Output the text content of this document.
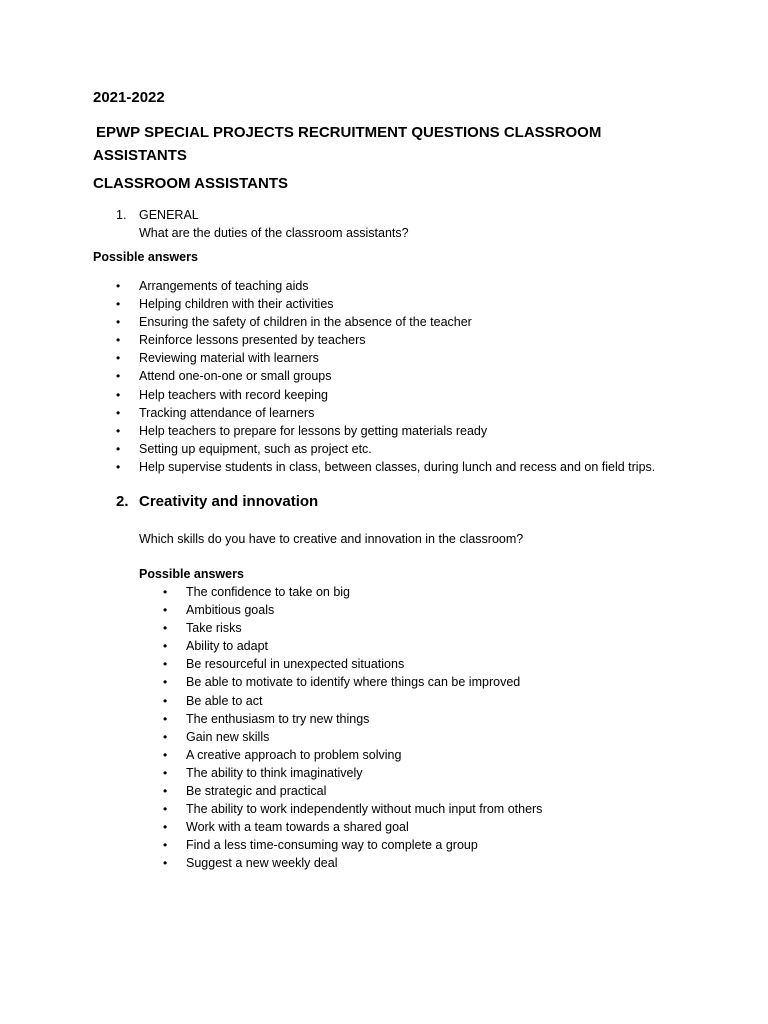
2021-2022
EPWP SPECIAL PROJECTS RECRUITMENT QUESTIONS CLASSROOM
ASSISTANTS
CLASSROOM ASSISTANTS
1. GENERAL
What are the duties of the classroom assistants?
Possible answers
• Arrangements of teaching aids
• Helping children with their activities
• Ensuring the safety of children in the absence of the teacher
• Reinforce lessons presented by teachers
• Reviewing material with learners
• Attend one-on-one or small groups
• Help teachers with record keeping
• Tracking attendance of learners
• Help teachers to prepare for lessons by getting materials ready
• Setting up equipment, such as project etc.
• Help supervise students in class, between classes, during lunch and recess and on field trips.
2. Creativity and innovation
Which skills do you have to creative and innovation in the classroom?
Possible answers
• The confidence to take on big
• Ambitious goals
• Take risks
• Ability to adapt
• Be resourceful in unexpected situations
• Be able to motivate to identify where things can be improved
• Be able to act
• The enthusiasm to try new things
• Gain new skills
• A creative approach to problem solving
• The ability to think imaginatively
• Be strategic and practical
• The ability to work independently without much input from others
• Work with a team towards a shared goal
• Find a less time-consuming way to complete a group
• Suggest a new weekly deal
